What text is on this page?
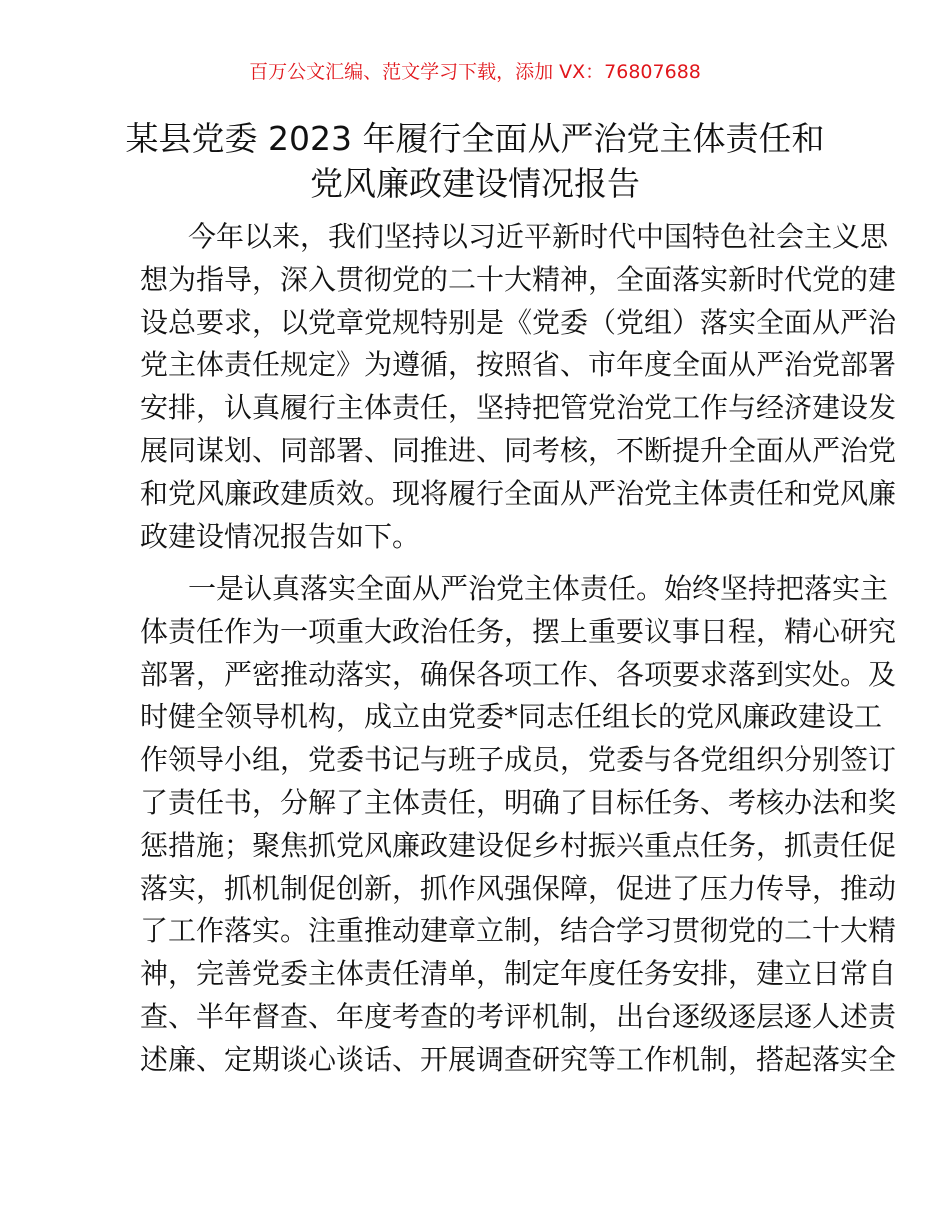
百万公文汇编、范文学习下载，添加 VX：76807688
某县党委 2023 年履行全面从严治党主体责任和
党风廉政建设情况报告
今年以来，我们坚持以习近平新时代中国特色社会主义思
想为指导，深入贯彻党的二十大精神，全面落实新时代党的建
设总要求，以党章党规特别是《党委（党组）落实全面从严治
党主体责任规定》为遵循，按照省、市年度全面从严治党部署
安排，认真履行主体责任，坚持把管党治党工作与经济建设发
展同谋划、同部署、同推进、同考核，不断提升全面从严治党
和党风廉政建质效。现将履行全面从严治党主体责任和党风廉
政建设情况报告如下。
一是认真落实全面从严治党主体责任。始终坚持把落实主
体责任作为一项重大政治任务，摆上重要议事日程，精心研究
部署，严密推动落实，确保各项工作、各项要求落到实处。及
时健全领导机构，成立由党委*同志任组长的党风廉政建设工
作领导小组，党委书记与班子成员，党委与各党组织分别签订
了责任书，分解了主体责任，明确了目标任务、考核办法和奖
惩措施；聚焦抓党风廉政建设促乡村振兴重点任务，抓责任促
落实，抓机制促创新，抓作风强保障，促进了压力传导，推动
了工作落实。注重推动建章立制，结合学习贯彻党的二十大精
神，完善党委主体责任清单，制定年度任务安排，建立日常自
查、半年督查、年度考查的考评机制，出台逐级逐层逐人述责
述廉、定期谈心谈话、开展调查研究等工作机制，搭起落实全
